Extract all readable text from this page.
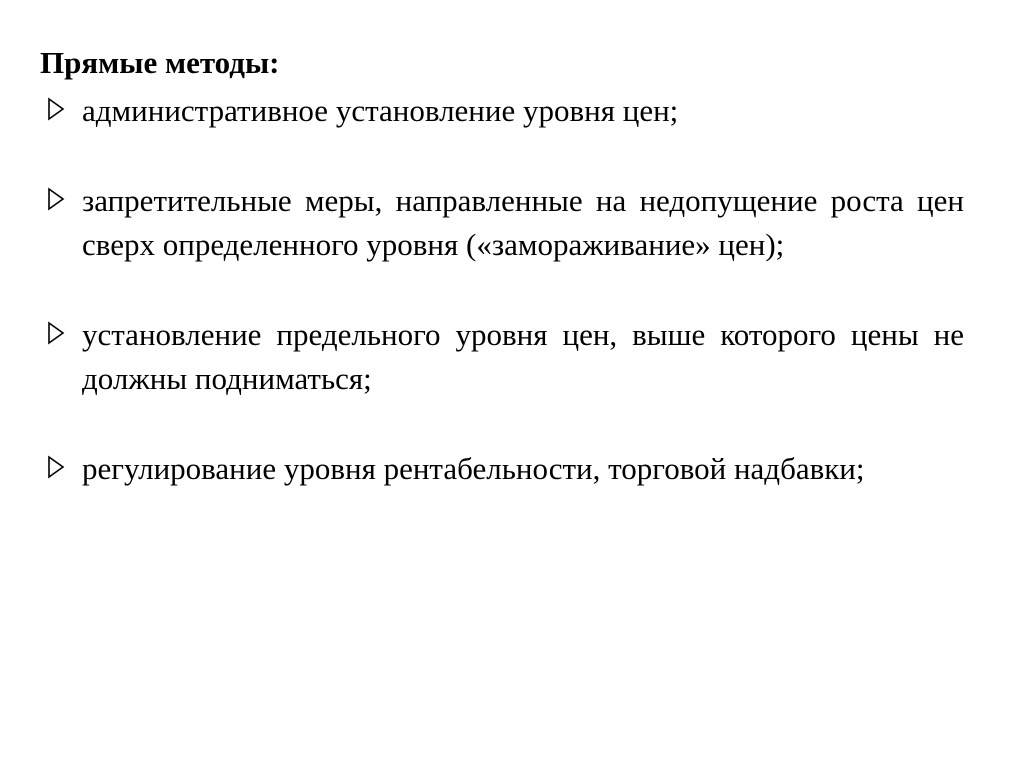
Прямые методы:
административное установление уровня цен;
запретительные меры, направленные на недопущение роста цен сверх определенного уровня («замораживание» цен);
установление предельного уровня цен, выше которого цены не должны подниматься;
регулирование уровня рентабельности, торговой надбавки;
